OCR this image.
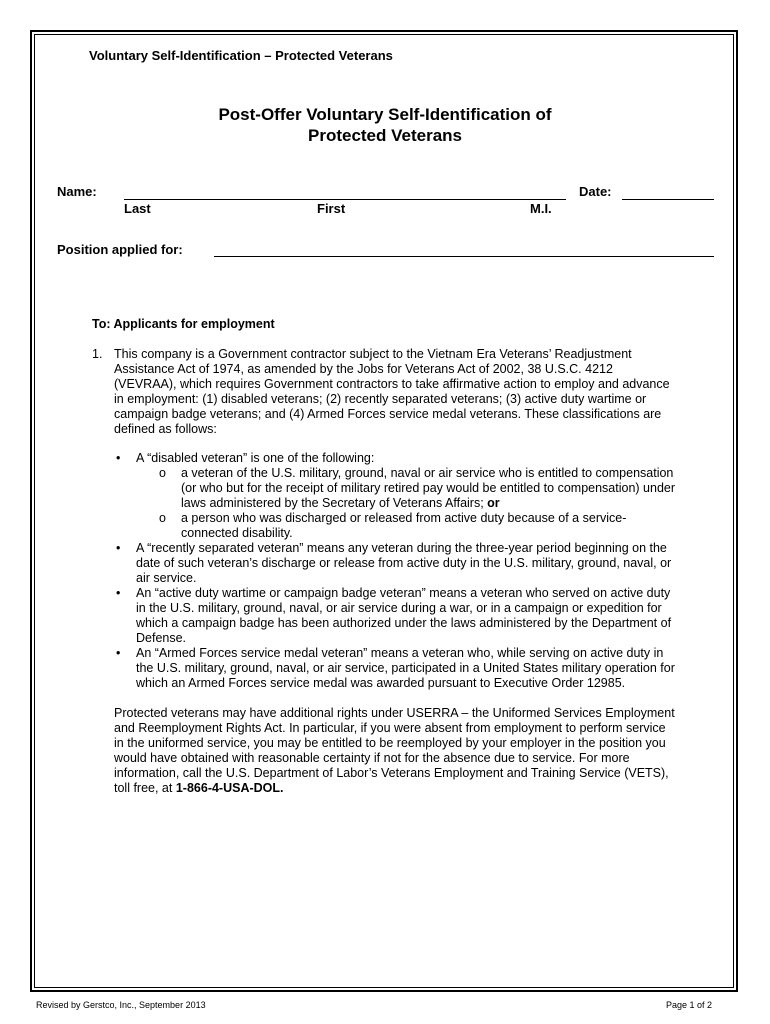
Voluntary Self-Identification – Protected Veterans
Post-Offer Voluntary Self-Identification of
Protected Veterans
Name:	Date:
Last	First	M.I.
Position applied for:
To: Applicants for employment
1. This company is a Government contractor subject to the Vietnam Era Veterans’ Readjustment
Assistance Act of 1974, as amended by the Jobs for Veterans Act of 2002, 38 U.S.C. 4212
(VEVRAA), which requires Government contractors to take affirmative action to employ and advance
in employment: (1) disabled veterans; (2) recently separated veterans; (3) active duty wartime or
campaign badge veterans; and (4) Armed Forces service medal veterans. These classifications are
defined as follows:
• A “disabled veteran” is one of the following:
o a veteran of the U.S. military, ground, naval or air service who is entitled to compensation
(or who but for the receipt of military retired pay would be entitled to compensation) under
laws administered by the Secretary of Veterans Affairs; or
o a person who was discharged or released from active duty because of a service-
connected disability.
• A “recently separated veteran” means any veteran during the three-year period beginning on the
date of such veteran’s discharge or release from active duty in the U.S. military, ground, naval, or
air service.
• An “active duty wartime or campaign badge veteran” means a veteran who served on active duty
in the U.S. military, ground, naval, or air service during a war, or in a campaign or expedition for
which a campaign badge has been authorized under the laws administered by the Department of
Defense.
• An “Armed Forces service medal veteran” means a veteran who, while serving on active duty in
the U.S. military, ground, naval, or air service, participated in a United States military operation for
which an Armed Forces service medal was awarded pursuant to Executive Order 12985.
Protected veterans may have additional rights under USERRA – the Uniformed Services Employment
and Reemployment Rights Act. In particular, if you were absent from employment to perform service
in the uniformed service, you may be entitled to be reemployed by your employer in the position you
would have obtained with reasonable certainty if not for the absence due to service. For more
information, call the U.S. Department of Labor’s Veterans Employment and Training Service (VETS),
toll free, at 1-866-4-USA-DOL.
Revised by Gerstco, Inc., September 2013	Page 1 of 2
